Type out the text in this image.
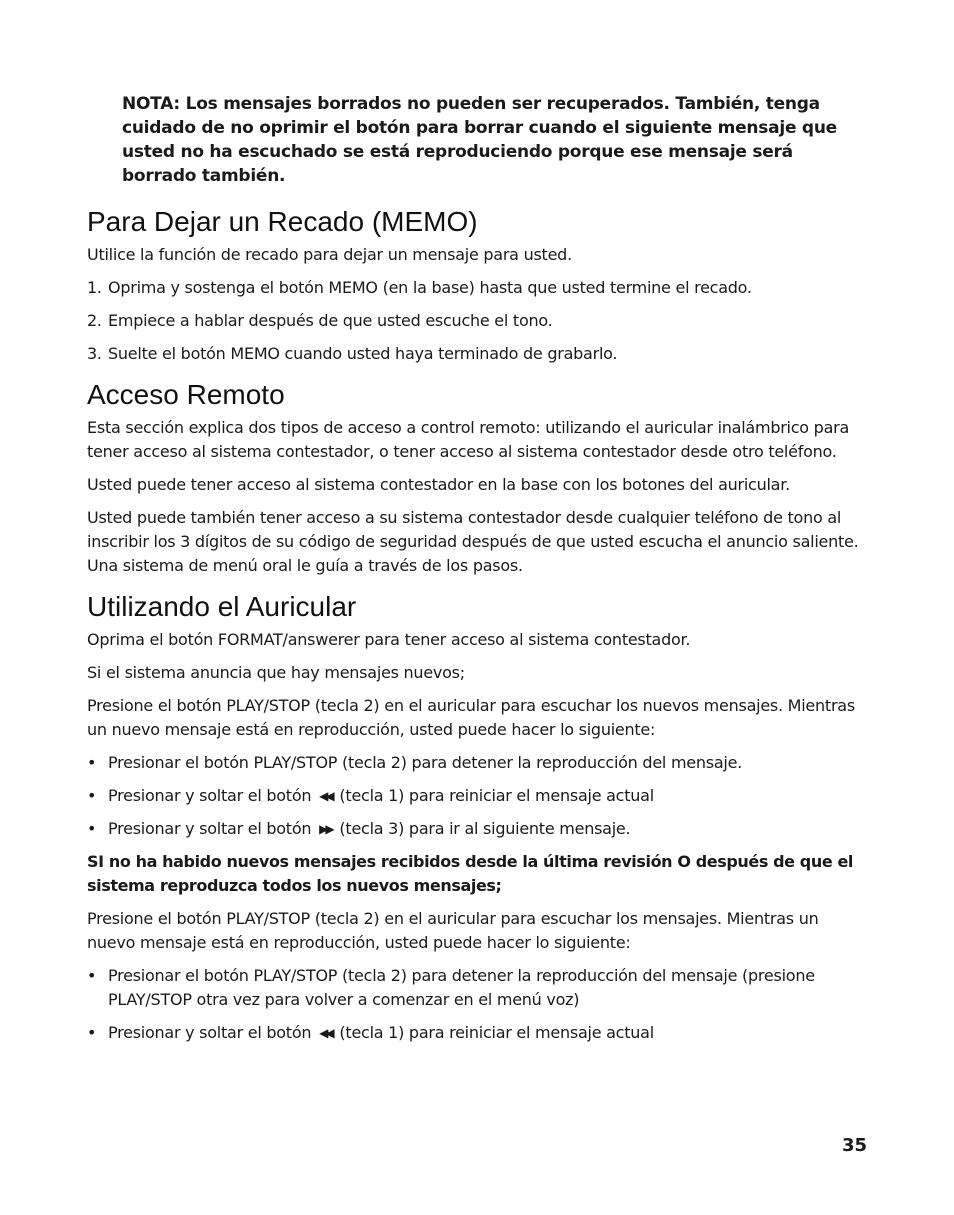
NOTA: Los mensajes borrados no pueden ser recuperados. También, tenga cuidado de no oprimir el botón para borrar cuando el siguiente mensaje que usted no ha escuchado se está reproduciendo porque ese mensaje será borrado también.

Para Dejar un Recado (MEMO)

Utilice la función de recado para dejar un mensaje para usted.

1. Oprima y sostenga el botón MEMO (en la base) hasta que usted termine el recado.
2. Empiece a hablar después de que usted escuche el tono.
3. Suelte el botón MEMO cuando usted haya terminado de grabarlo.
Acceso Remoto

Esta sección explica dos tipos de acceso a control remoto: utilizando el auricular inalámbrico para tener acceso al sistema contestador, o tener acceso al sistema contestador desde otro teléfono.

Usted puede tener acceso al sistema contestador en la base con los botones del auricular.

Usted puede también tener acceso a su sistema contestador desde cualquier teléfono de tono al inscribir los 3 dígitos de su código de seguridad después de que usted escucha el anuncio saliente. Una sistema de menú oral le guía a través de los pasos.

Utilizando el Auricular

Oprima el botón FORMAT/answerer para tener acceso al sistema contestador.

Si el sistema anuncia que hay mensajes nuevos;

Presione el botón PLAY/STOP (tecla 2) en el auricular para escuchar los nuevos mensajes. Mientras un nuevo mensaje está en reproducción, usted puede hacer lo siguiente:

• Presionar el botón PLAY/STOP (tecla 2) para detener la reproducción del mensaje.
• Presionar y soltar el botón ◀◀ (tecla 1) para reiniciar el mensaje actual
• Presionar y soltar el botón ▶▶ (tecla 3) para ir al siguiente mensaje.

SI no ha habido nuevos mensajes recibidos desde la última revisión O después de que el sistema reproduzca todos los nuevos mensajes;

Presione el botón PLAY/STOP (tecla 2) en el auricular para escuchar los mensajes. Mientras un nuevo mensaje está en reproducción, usted puede hacer lo siguiente:

• Presionar el botón PLAY/STOP (tecla 2) para detener la reproducción del mensaje (presione PLAY/STOP otra vez para volver a comenzar en el menú voz)
• Presionar y soltar el botón ◀◀ (tecla 1) para reiniciar el mensaje actual
35
